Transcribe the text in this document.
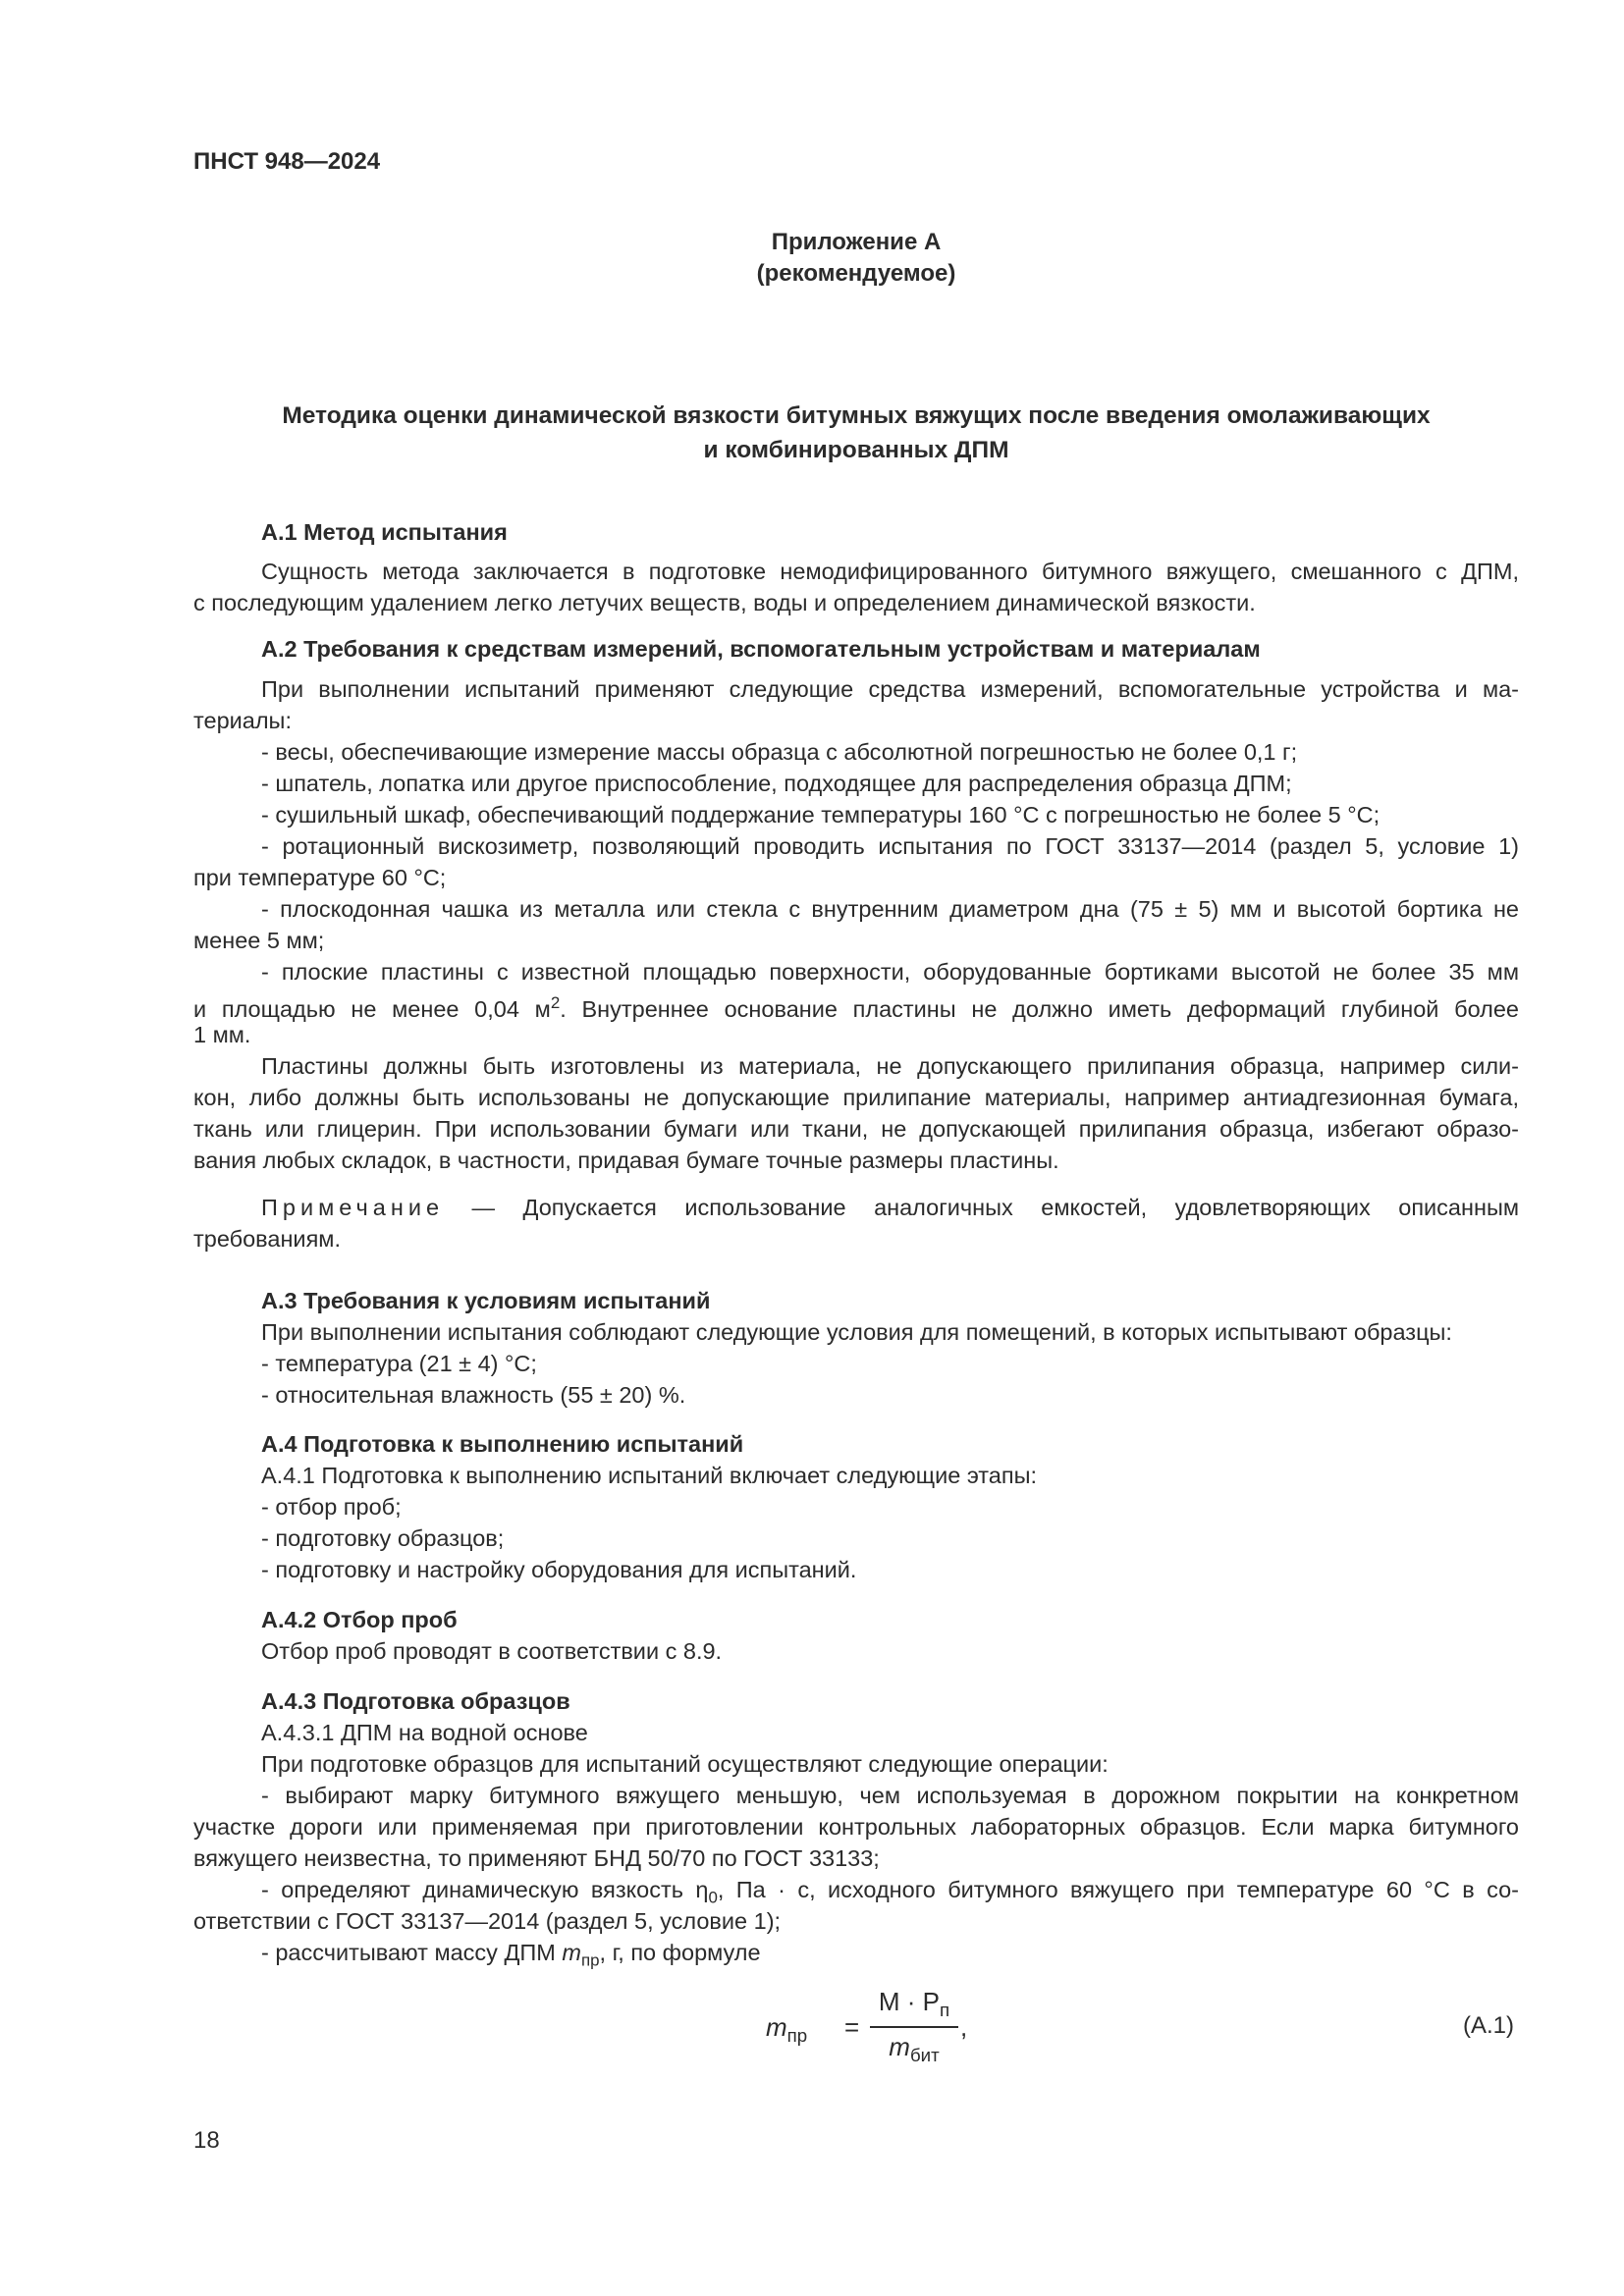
ПНСТ 948—2024
Приложение А
(рекомендуемое)
Методика оценки динамической вязкости битумных вяжущих после введения омолаживающих
и комбинированных ДПМ
А.1 Метод испытания
Сущность метода заключается в подготовке немодифицированного битумного вяжущего, смешанного с ДПМ,
с последующим удалением легко летучих веществ, воды и определением динамической вязкости.
А.2 Требования к средствам измерений, вспомогательным устройствам и материалам
При выполнении испытаний применяют следующие средства измерений, вспомогательные устройства и ма-
териалы:
- весы, обеспечивающие измерение массы образца с абсолютной погрешностью не более 0,1 г;
- шпатель, лопатка или другое приспособление, подходящее для распределения образца ДПМ;
- сушильный шкаф, обеспечивающий поддержание температуры 160 °С с погрешностью не более 5 °С;
- ротационный вискозиметр, позволяющий проводить испытания по ГОСТ 33137—2014 (раздел 5, условие 1)
при температуре 60 °С;
- плоскодонная чашка из металла или стекла с внутренним диаметром дна (75 ± 5) мм и высотой бортика не
менее 5 мм;
- плоские пластины с известной площадью поверхности, оборудованные бортиками высотой не более 35 мм
и площадью не менее 0,04 $м^2$. Внутреннее основание пластины не должно иметь деформаций глубиной более
1 мм.
Пластины должны быть изготовлены из материала, не допускающего прилипания образца, например сили-
кон, либо должны быть использованы не допускающие прилипание материалы, например антиадгезионная бумага,
ткань или глицерин. При использовании бумаги или ткани, не допускающей прилипания образца, избегают образо-
вания любых складок, в частности, придавая бумаге точные размеры пластины.
Примечание — Допускается использование аналогичных емкостей, удовлетворяющих описанным
требованиям.
А.3 Требования к условиям испытаний
При выполнении испытания соблюдают следующие условия для помещений, в которых испытывают образцы:
- температура (21 ± 4) °С;
- относительная влажность (55 ± 20) %.
А.4 Подготовка к выполнению испытаний
А.4.1 Подготовка к выполнению испытаний включает следующие этапы:
- отбор проб;
- подготовку образцов;
- подготовку и настройку оборудования для испытаний.
А.4.2 Отбор проб
Отбор проб проводят в соответствии с 8.9.
А.4.3 Подготовка образцов
А.4.3.1 ДПМ на водной основе
При подготовке образцов для испытаний осуществляют следующие операции:
- выбирают марку битумного вяжущего меньшую, чем используемая в дорожном покрытии на конкретном
участке дороги или применяемая при приготовлении контрольных лабораторных образцов. Если марка битумного
вяжущего неизвестна, то применяют БНД 50/70 по ГОСТ 33133;
- определяют динамическую вязкость $\eta_0$, Па · с, исходного битумного вяжущего при температуре 60 °С в со-
ответствии с ГОСТ 33137—2014 (раздел 5, условие 1);
- рассчитывают массу ДПМ $m_{пр}$, г, по формуле
$m_{пр}$ =
$M \cdot P_п$
$m_{бит}$
,	(А.1)
18
